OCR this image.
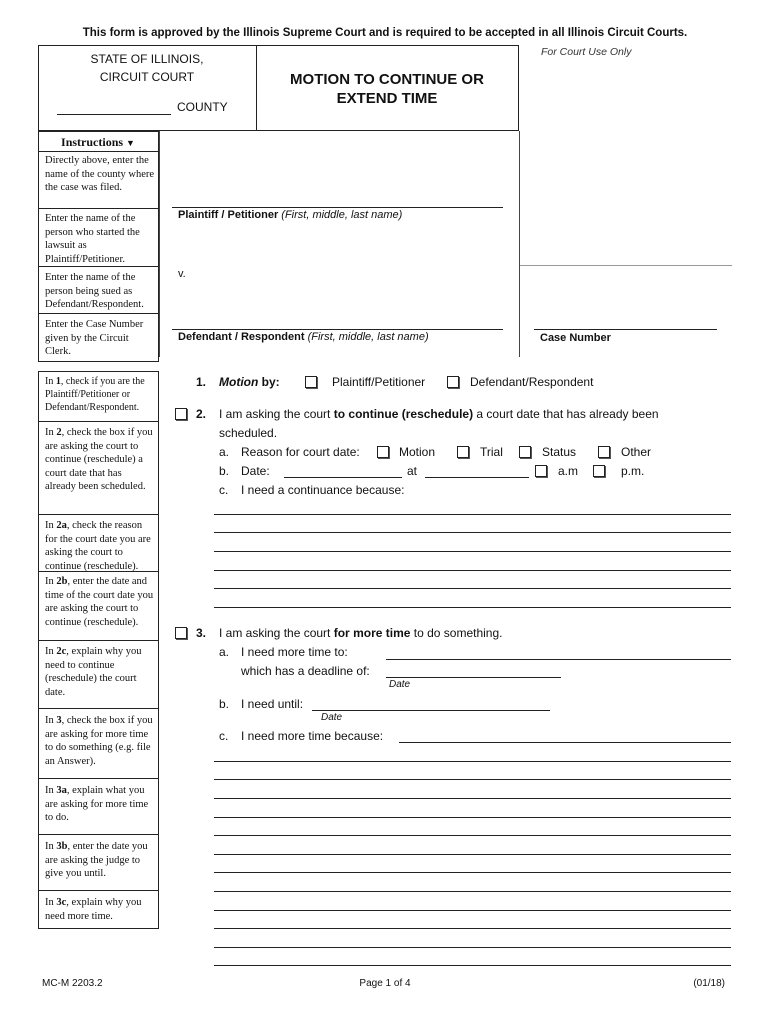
This form is approved by the Illinois Supreme Court and is required to be accepted in all Illinois Circuit Courts.
STATE OF ILLINOIS,
CIRCUIT COURT
COUNTY
MOTION TO CONTINUE OR
EXTEND TIME
For Court Use Only
Instructions ▼
Directly above, enter the name of the county where the case was filed.
Enter the name of the person who started the lawsuit as Plaintiff/Petitioner.
Enter the name of the person being sued as Defendant/Respondent.
Enter the Case Number given by the Circuit Clerk.
Plaintiff / Petitioner (First, middle, last name)
v.
Defendant / Respondent (First, middle, last name)	Case Number
In 1, check if you are the Plaintiff/Petitioner or Defendant/Respondent.
In 2, check the box if you are asking the court to continue (reschedule) a court date that has already been scheduled.
In 2a, check the reason for the court date you are asking the court to continue (reschedule).
In 2b, enter the date and time of the court date you are asking the court to continue (reschedule).
In 2c, explain why you need to continue (reschedule) the court date.
In 3, check the box if you are asking for more time to do something (e.g. file an Answer).
In 3a, explain what you are asking for more time to do.
In 3b, enter the date you are asking the judge to give you until.
In 3c, explain why you need more time.
1. Motion by:	Plaintiff/Petitioner	Defendant/Respondent
2. I am asking the court to continue (reschedule) a court date that has already been
scheduled.
a. Reason for court date:	Motion	Trial	Status	Other
b. Date:	at	a.m	p.m.
c. I need a continuance because:
3. I am asking the court for more time to do something.
a. I need more time to:
which has a deadline of:
Date
b. I need until:
Date
c. I need more time because:
MC-M 2203.2	Page 1 of 4	(01/18)
